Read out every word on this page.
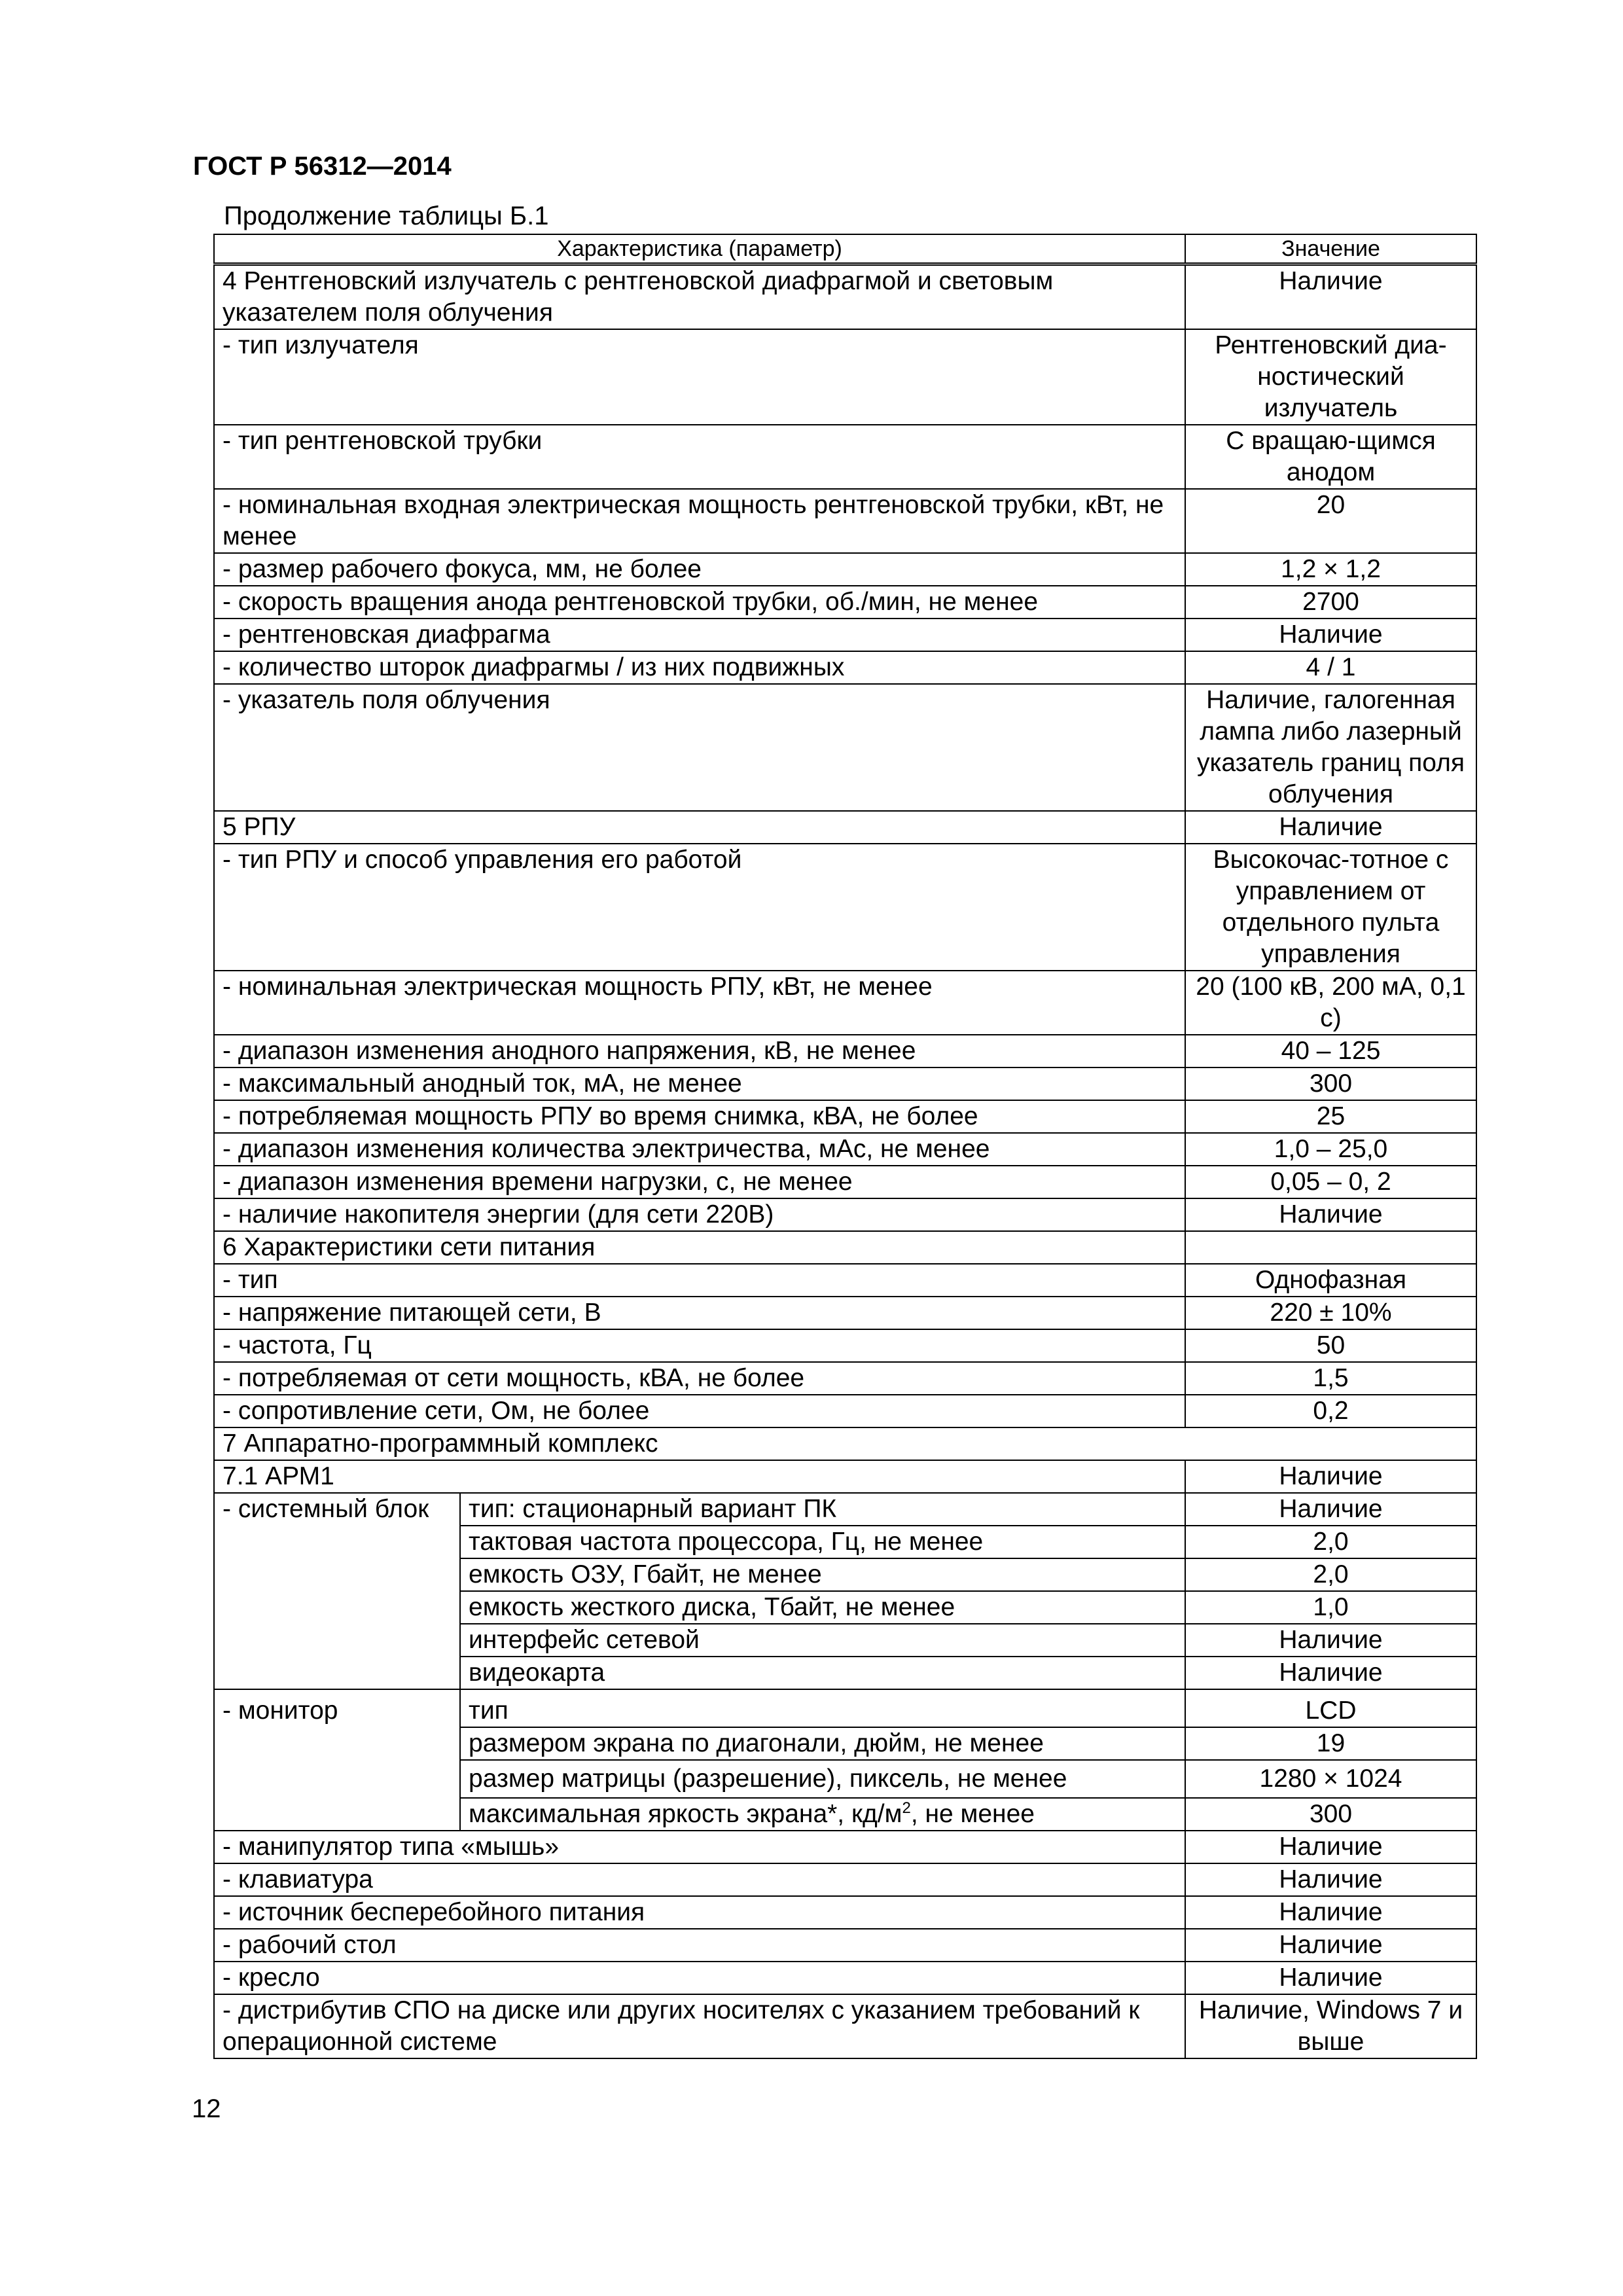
ГОСТ Р 56312—2014
Продолжение таблицы Б.1
Характеристика (параметр)		Значение
4 Рентгеновский излучатель с рентгеновской диафрагмой и световым указателем поля облучения		Наличие
- тип излучателя		Рентгеновский диа-ностический излучатель
- тип рентгеновской трубки		С вращаю-щимся анодом
- номинальная входная электрическая мощность рентгеновской трубки, кВт, не менее		20
- размер рабочего фокуса, мм, не более		1,2 × 1,2
- скорость вращения анода рентгеновской трубки, об./мин, не менее		2700
- рентгеновская диафрагма		Наличие
- количество шторок диафрагмы / из них подвижных		4 / 1
- указатель поля облучения		Наличие, галогенная лампа либо лазерный указатель границ поля облучения
5 РПУ		Наличие
- тип РПУ и способ управления его работой		Высокочас-тотное с управлением от отдельного пульта управления
- номинальная электрическая мощность РПУ, кВт, не менее		20 (100 кВ, 200 мА, 0,1 с)
- диапазон изменения анодного напряжения, кВ, не менее		40 – 125
- максимальный анодный ток, мА, не менее		300
- потребляемая мощность РПУ во время снимка, кВА, не более		25
- диапазон изменения количества электричества, мАс, не менее		1,0 – 25,0
- диапазон изменения времени нагрузки, с, не менее		0,05 – 0, 2
- наличие накопителя энергии (для сети 220В)		Наличие
6 Характеристики сети питания		
- тип		Однофазная
- напряжение питающей сети, В		220 ± 10%
- частота, Гц		50
- потребляемая от сети мощность, кВА, не более		1,5
- сопротивление сети, Ом, не более		0,2
7 Аппаратно-программный комплекс		
7.1 АРМ1		Наличие
- системный блок	тип: стационарный вариант ПК	Наличие
	тактовая частота процессора, Гц, не менее	2,0
	емкость ОЗУ, Гбайт, не менее	2,0
	емкость жесткого диска, Тбайт, не менее	1,0
	интерфейс сетевой	Наличие
	видеокарта	Наличие
- монитор	тип	LCD
	размером экрана по диагонали, дюйм, не менее	19
	размер матрицы (разрешение), пиксель, не менее	1280 × 1024
	максимальная яркость экрана*, $кд/м^2$, не менее	300
- манипулятор типа «мышь»		Наличие
- клавиатура		Наличие
- источник бесперебойного питания		Наличие
- рабочий стол		Наличие
- кресло		Наличие
- дистрибутив СПО на диске или других носителях с указанием требований к операционной системе		Наличие, Windows 7 и выше
12
